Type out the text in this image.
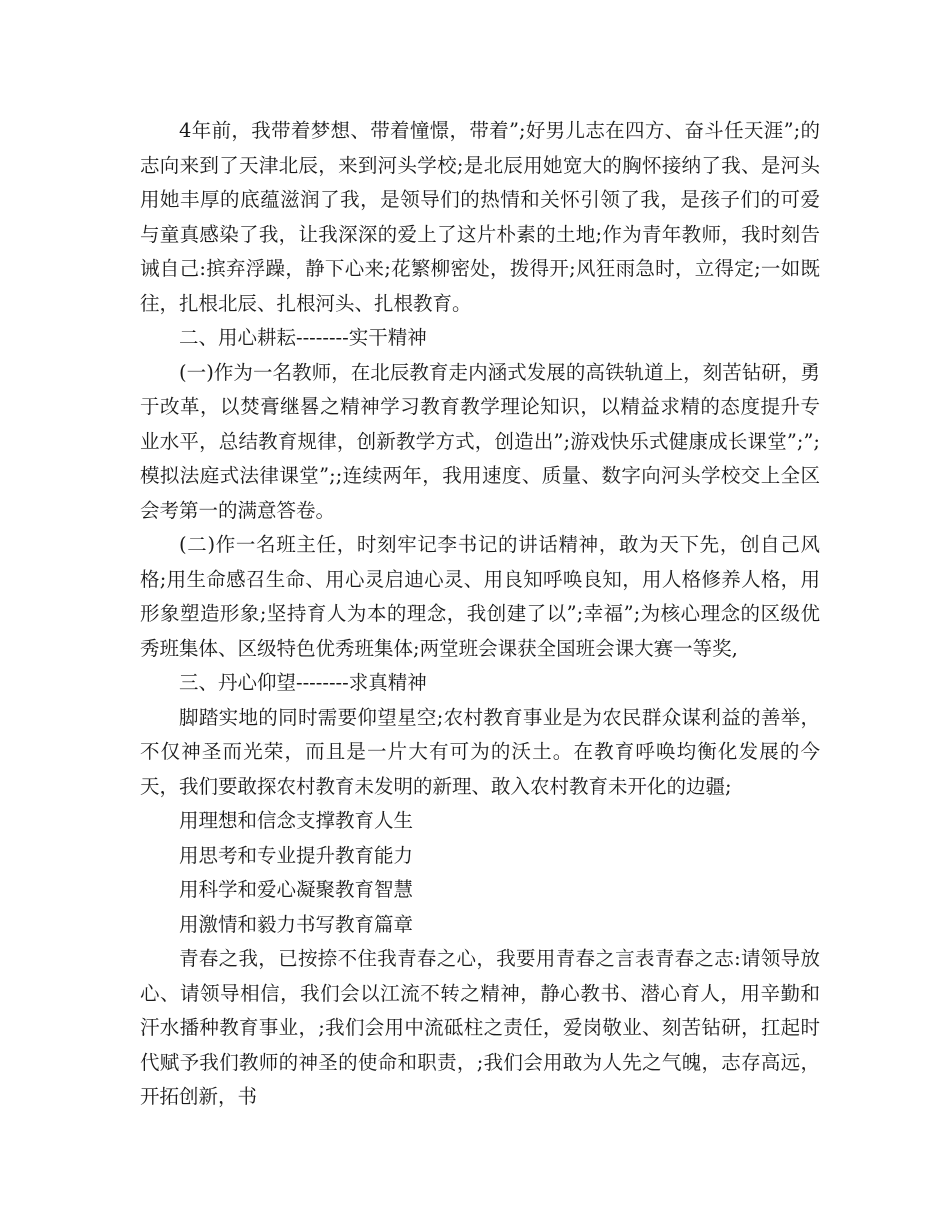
4年前，我带着梦想、带着憧憬，带着”;好男儿志在四方、奋斗任天涯”;的志向来到了天津北辰，来到河头学校;是北辰用她宽大的胸怀接纳了我、是河头用她丰厚的底蕴滋润了我，是领导们的热情和关怀引领了我，是孩子们的可爱与童真感染了我，让我深深的爱上了这片朴素的土地;作为青年教师，我时刻告诫自己:摈弃浮躁，静下心来;花繁柳密处，拨得开;风狂雨急时，立得定;一如既往，扎根北辰、扎根河头、扎根教育。

二、用心耕耘--------实干精神

(一)作为一名教师，在北辰教育走内涵式发展的高铁轨道上，刻苦钻研，勇于改革，以焚膏继晷之精神学习教育教学理论知识，以精益求精的态度提升专业水平，总结教育规律，创新教学方式，创造出”;游戏快乐式健康成长课堂”;”;模拟法庭式法律课堂”;;连续两年，我用速度、质量、数字向河头学校交上全区会考第一的满意答卷。

(二)作一名班主任，时刻牢记李书记的讲话精神，敢为天下先，创自己风格;用生命感召生命、用心灵启迪心灵、用良知呼唤良知，用人格修养人格，用形象塑造形象;坚持育人为本的理念，我创建了以”;幸福”;为核心理念的区级优秀班集体、区级特色优秀班集体;两堂班会课获全国班会课大赛一等奖,

三、丹心仰望--------求真精神

脚踏实地的同时需要仰望星空;农村教育事业是为农民群众谋利益的善举，不仅神圣而光荣，而且是一片大有可为的沃土。在教育呼唤均衡化发展的今天，我们要敢探农村教育未发明的新理、敢入农村教育未开化的边疆;

用理想和信念支撑教育人生

用思考和专业提升教育能力

用科学和爱心凝聚教育智慧

用激情和毅力书写教育篇章

青春之我，已按捺不住我青春之心，我要用青春之言表青春之志:请领导放心、请领导相信，我们会以江流不转之精神，静心教书、潜心育人，用辛勤和汗水播种教育事业，;我们会用中流砥柱之责任，爱岗敬业、刻苦钻研，扛起时代赋予我们教师的神圣的使命和职责，;我们会用敢为人先之气魄，志存高远，开拓创新，书
